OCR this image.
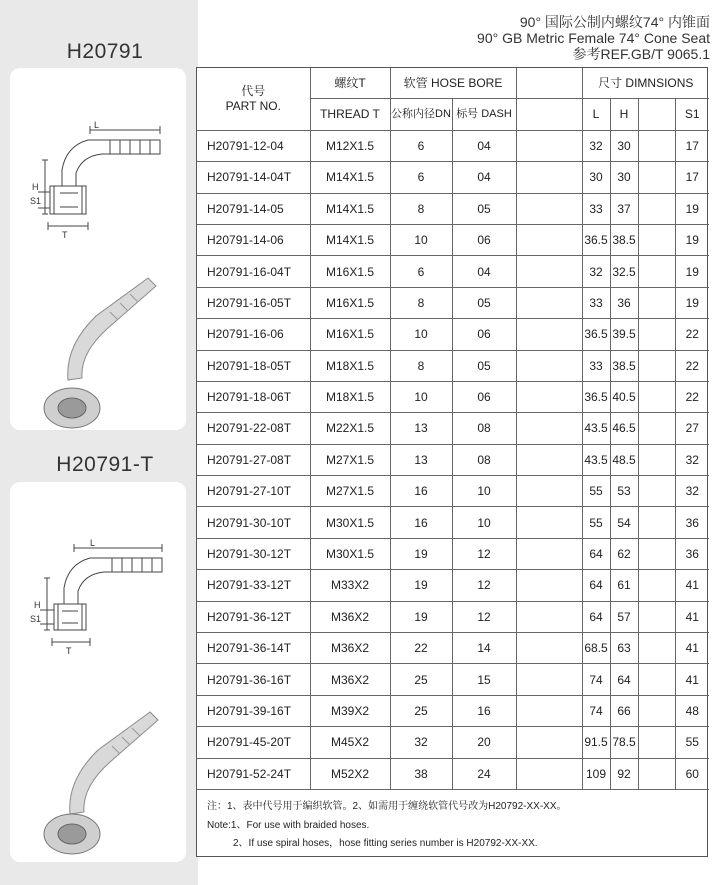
H20791
H20791-T
L
H
S1
T
L
H
S1
T
90° 国际公制内螺纹74° 内锥面
90° GB Metric Female 74° Cone Seat
参考REF.GB/T 9065.1
代号
PART NO.	螺纹T	软管 HOSE BORE			尺寸 DIMNSIONS			
	THREAD T	公称内径DN	标号 DASH		L	H		S1
H20791-12-04	M12X1.5	6	04		32	30		17
H20791-14-04T	M14X1.5	6	04		30	30		17
H20791-14-05	M14X1.5	8	05		33	37		19
H20791-14-06	M14X1.5	10	06		36.5	38.5		19
H20791-16-04T	M16X1.5	6	04		32	32.5		19
H20791-16-05T	M16X1.5	8	05		33	36		19
H20791-16-06	M16X1.5	10	06		36.5	39.5		22
H20791-18-05T	M18X1.5	8	05		33	38.5		22
H20791-18-06T	M18X1.5	10	06		36.5	40.5		22
H20791-22-08T	M22X1.5	13	08		43.5	46.5		27
H20791-27-08T	M27X1.5	13	08		43.5	48.5		32
H20791-27-10T	M27X1.5	16	10		55	53		32
H20791-30-10T	M30X1.5	16	10		55	54		36
H20791-30-12T	M30X1.5	19	12		64	62		36
H20791-33-12T	M33X2	19	12		64	61		41
H20791-36-12T	M36X2	19	12		64	57		41
H20791-36-14T	M36X2	22	14		68.5	63		41
H20791-36-16T	M36X2	25	15		74	64		41
H20791-39-16T	M39X2	25	16		74	66		48
H20791-45-20T	M45X2	32	20		91.5	78.5		55
H20791-52-24T	M52X2	38	24		109	92		60
注：1、表中代号用于编织软管。2、如需用于缠绕软管代号改为H20792-XX-XX。
Note:1、For use with braided hoses.
2、If use spiral hoses，hose fitting series number is H20792-XX-XX.
